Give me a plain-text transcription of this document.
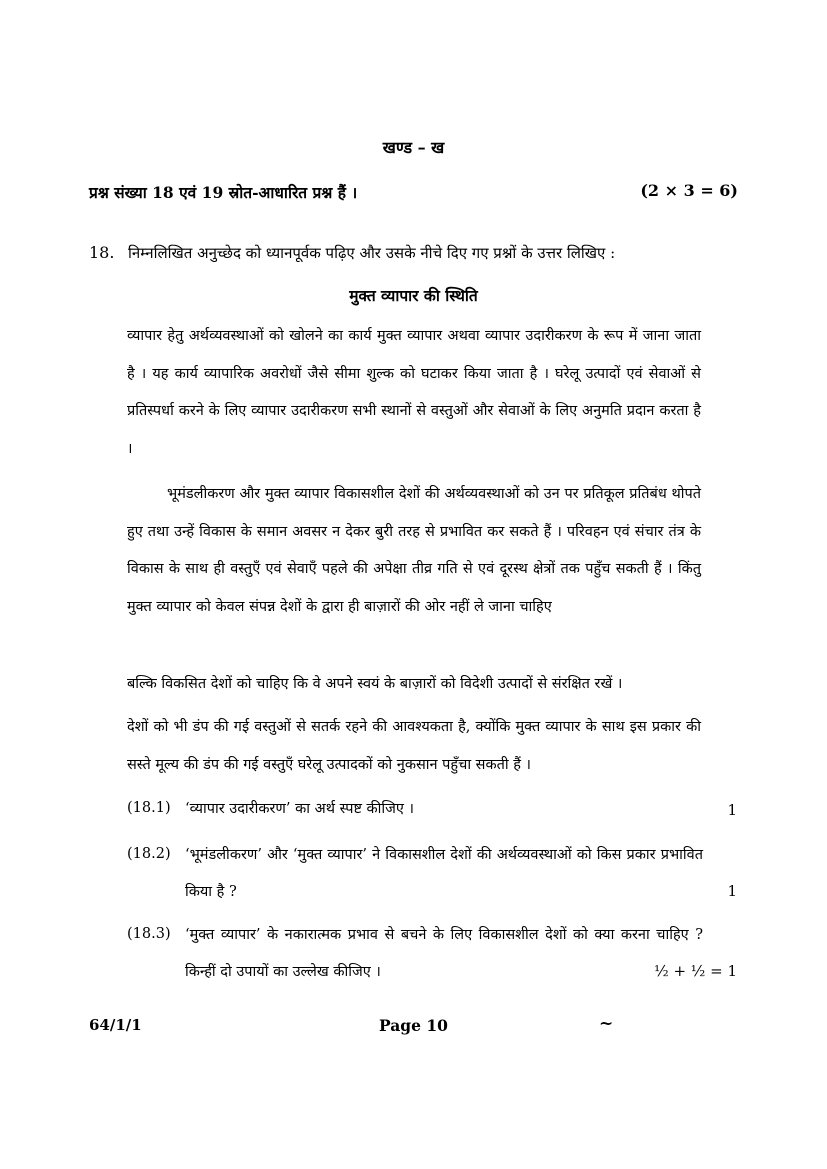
खण्ड – ख
प्रश्न संख्या 18 एवं 19 स्रोत-आधारित प्रश्न हैं ।	(2 × 3 = 6)
18. निम्नलिखित अनुच्छेद को ध्यानपूर्वक पढ़िए और उसके नीचे दिए गए प्रश्नों के उत्तर लिखिए :
मुक्त व्यापार की स्थिति
व्यापार हेतु अर्थव्यवस्थाओं को खोलने का कार्य मुक्त व्यापार अथवा व्यापार उदारीकरण के रूप में जाना जाता है । यह कार्य व्यापारिक अवरोधों जैसे सीमा शुल्क को घटाकर किया जाता है । घरेलू उत्पादों एवं सेवाओं से प्रतिस्पर्धा करने के लिए व्यापार उदारीकरण सभी स्थानों से वस्तुओं और सेवाओं के लिए अनुमति प्रदान करता है ।
भूमंडलीकरण और मुक्त व्यापार विकासशील देशों की अर्थव्यवस्थाओं को उन पर प्रतिकूल प्रतिबंध थोपते हुए तथा उन्हें विकास के समान अवसर न देकर बुरी तरह से प्रभावित कर सकते हैं । परिवहन एवं संचार तंत्र के विकास के साथ ही वस्तुएँ एवं सेवाएँ पहले की अपेक्षा तीव्र गति से एवं दूरस्थ क्षेत्रों तक पहुँच सकती हैं । किंतु मुक्त व्यापार को केवल संपन्न देशों के द्वारा ही बाज़ारों की ओर नहीं ले जाना चाहिए
बल्कि विकसित देशों को चाहिए कि वे अपने स्वयं के बाज़ारों को विदेशी उत्पादों से संरक्षित रखें ।
देशों को भी डंप की गई वस्तुओं से सतर्क रहने की आवश्यकता है, क्योंकि मुक्त व्यापार के साथ इस प्रकार की सस्ते मूल्य की डंप की गई वस्तुएँ घरेलू उत्पादकों को नुकसान पहुँचा सकती हैं ।
(18.1) ‘व्यापार उदारीकरण’ का अर्थ स्पष्ट कीजिए ।	1
(18.2) ‘भूमंडलीकरण’ और ‘मुक्त व्यापार’ ने विकासशील देशों की अर्थव्यवस्थाओं को किस प्रकार प्रभावित किया है ?	1
(18.3) ‘मुक्त व्यापार’ के नकारात्मक प्रभाव से बचने के लिए विकासशील देशों को क्या करना चाहिए ? किन्हीं दो उपायों का उल्लेख कीजिए ।	½ + ½ = 1
64/1/1	Page 10	~
